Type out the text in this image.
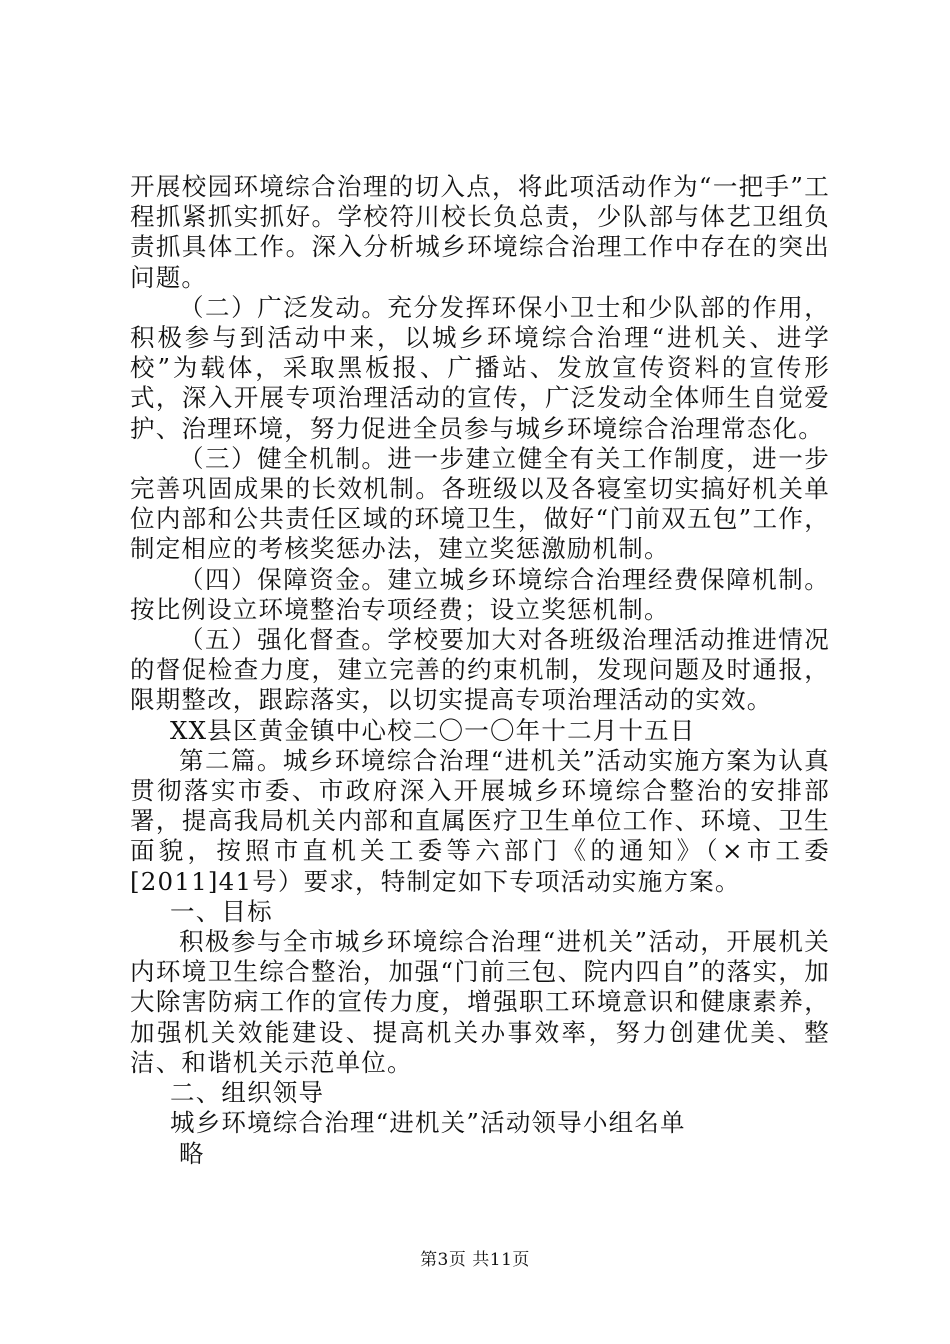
开展校园环境综合治理的切入点，将此项活动作为“一把手”工程抓紧抓实抓好。学校符川校长负总责，少队部与体艺卫组负责抓具体工作。深入分析城乡环境综合治理工作中存在的突出问题。

（二）广泛发动。充分发挥环保小卫士和少队部的作用，积极参与到活动中来，以城乡环境综合治理“进机关、进学校”为载体，采取黑板报、广播站、发放宣传资料的宣传形式，深入开展专项治理活动的宣传，广泛发动全体师生自觉爱护、治理环境，努力促进全员参与城乡环境综合治理常态化。

（三）健全机制。进一步建立健全有关工作制度，进一步完善巩固成果的长效机制。各班级以及各寝室切实搞好机关单位内部和公共责任区域的环境卫生，做好“门前双五包”工作，制定相应的考核奖惩办法，建立奖惩激励机制。

（四）保障资金。建立城乡环境综合治理经费保障机制。按比例设立环境整治专项经费；设立奖惩机制。

（五）强化督查。学校要加大对各班级治理活动推进情况的督促检查力度，建立完善的约束机制，发现问题及时通报，限期整改，跟踪落实，以切实提高专项治理活动的实效。

XX县区黄金镇中心校二〇一〇年十二月十五日

第二篇。城乡环境综合治理“进机关”活动实施方案为认真贯彻落实市委、市政府深入开展城乡环境综合整治的安排部署，提高我局机关内部和直属医疗卫生单位工作、环境、卫生面貌，按照市直机关工委等六部门《的通知》（×市工委[2011]41号）要求，特制定如下专项活动实施方案。

一、目标

积极参与全市城乡环境综合治理“进机关”活动，开展机关内环境卫生综合整治，加强“门前三包、院内四自”的落实，加大除害防病工作的宣传力度，增强职工环境意识和健康素养，加强机关效能建设、提高机关办事效率，努力创建优美、整洁、和谐机关示范单位。

二、组织领导

城乡环境综合治理“进机关”活动领导小组名单

略

第3页 共11页
